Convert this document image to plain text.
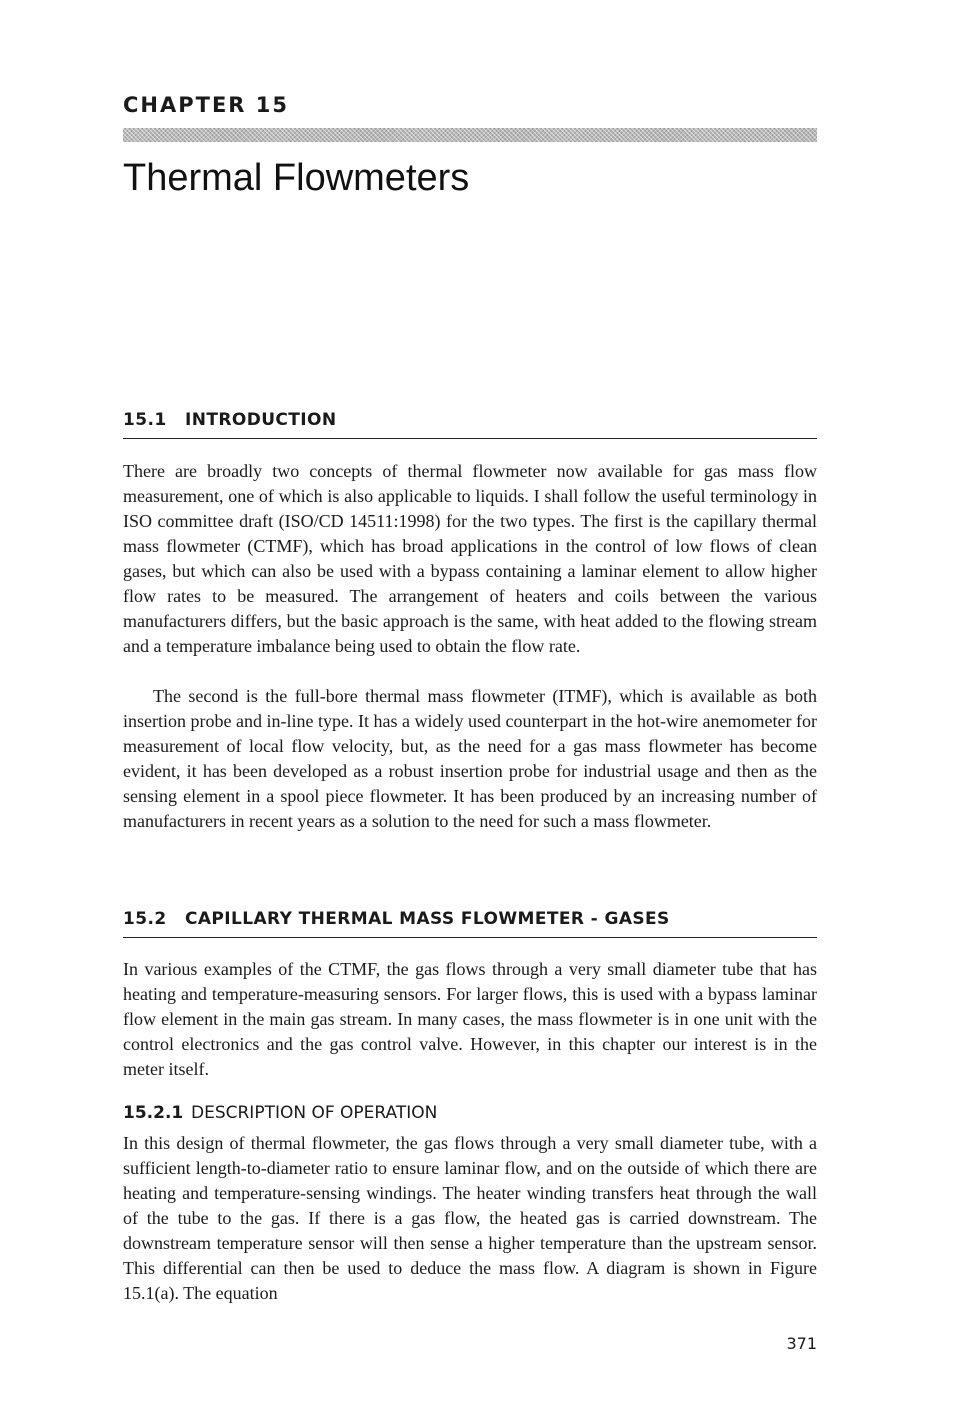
CHAPTER 15
Thermal Flowmeters
15.1 INTRODUCTION

There are broadly two concepts of thermal flowmeter now available for gas mass flow measurement, one of which is also applicable to liquids. I shall follow the useful terminology in ISO committee draft (ISO/CD 14511:1998) for the two types. The first is the capillary thermal mass flowmeter (CTMF), which has broad applications in the control of low flows of clean gases, but which can also be used with a bypass containing a laminar element to allow higher flow rates to be measured. The arrangement of heaters and coils between the various manufacturers differs, but the basic approach is the same, with heat added to the flowing stream and a temperature imbalance being used to obtain the flow rate.

The second is the full-bore thermal mass flowmeter (ITMF), which is available as both insertion probe and in-line type. It has a widely used counterpart in the hot-wire anemometer for measurement of local flow velocity, but, as the need for a gas mass flowmeter has become evident, it has been developed as a robust insertion probe for industrial usage and then as the sensing element in a spool piece flowmeter. It has been produced by an increasing number of manufacturers in recent years as a solution to the need for such a mass flowmeter.

15.2 CAPILLARY THERMAL MASS FLOWMETER - GASES

In various examples of the CTMF, the gas flows through a very small diameter tube that has heating and temperature-measuring sensors. For larger flows, this is used with a bypass laminar flow element in the main gas stream. In many cases, the mass flowmeter is in one unit with the control electronics and the gas control valve. However, in this chapter our interest is in the meter itself.

15.2.1 DESCRIPTION OF OPERATION

In this design of thermal flowmeter, the gas flows through a very small diameter tube, with a sufficient length-to-diameter ratio to ensure laminar flow, and on the outside of which there are heating and temperature-sensing windings. The heater winding transfers heat through the wall of the tube to the gas. If there is a gas flow, the heated gas is carried downstream. The downstream temperature sensor will then sense a higher temperature than the upstream sensor. This differential can then be used to deduce the mass flow. A diagram is shown in Figure 15.1(a). The equation

371
